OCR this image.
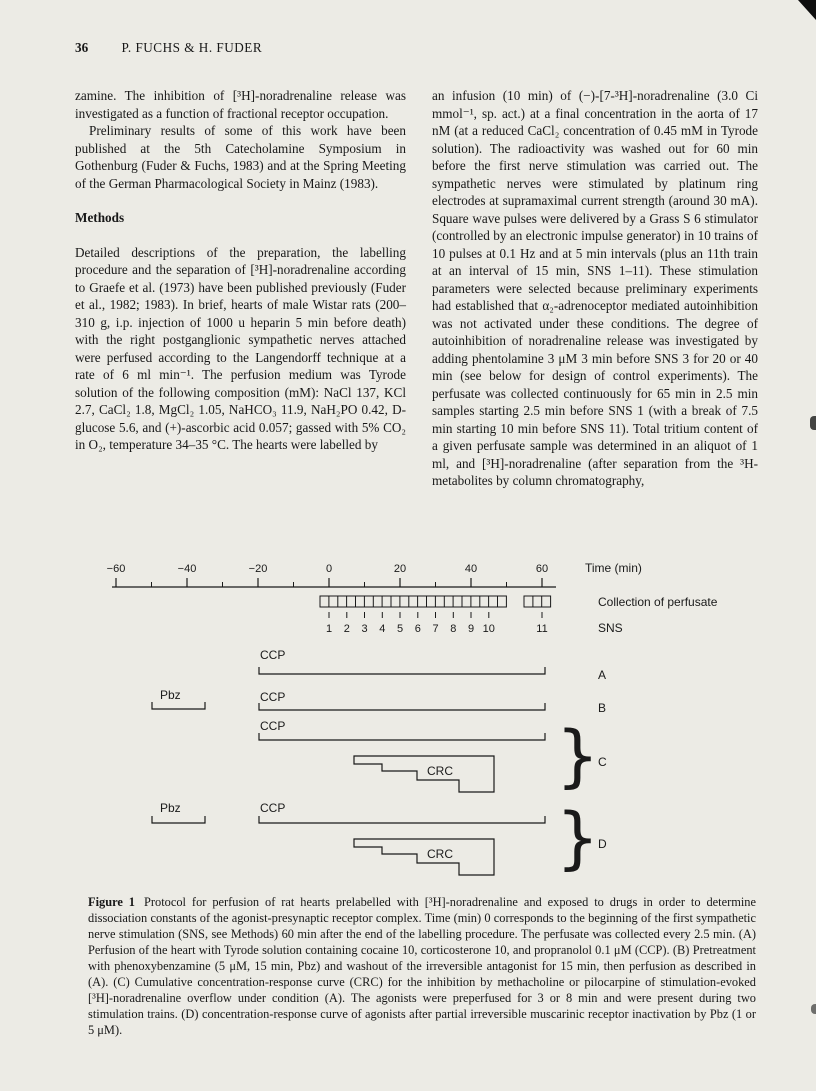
36	P. FUCHS & H. FUDER

zamine. The inhibition of [³H]-noradrenaline release was investigated as a function of fractional receptor occupation.

Preliminary results of some of this work have been published at the 5th Catecholamine Symposium in Gothenburg (Fuder & Fuchs, 1983) and at the Spring Meeting of the German Pharmacological Society in Mainz (1983).

Methods

Detailed descriptions of the preparation, the labelling procedure and the separation of [³H]-noradrenaline according to Graefe et al. (1973) have been published previously (Fuder et al., 1982; 1983). In brief, hearts of male Wistar rats (200–310 g, i.p. injection of 1000 u heparin 5 min before death) with the right postganglionic sympathetic nerves attached were perfused according to the Langendorff technique at a rate of 6 ml min⁻¹. The perfusion medium was Tyrode solution of the following composition (mM): NaCl 137, KCl 2.7, CaCl₂ 1.8, MgCl₂ 1.05, NaHCO₃ 11.9, NaH₂PO 0.42, D-glucose 5.6, and (+)-ascorbic acid 0.057; gassed with 5% CO₂ in O₂, temperature 34–35 °C. The hearts were labelled by

an infusion (10 min) of (−)-[7-³H]-noradrenaline (3.0 Ci mmol⁻¹, sp. act.) at a final concentration in the aorta of 17 nM (at a reduced CaCl₂ concentration of 0.45 mM in Tyrode solution). The radioactivity was washed out for 60 min before the first nerve stimulation was carried out. The sympathetic nerves were stimulated by platinum ring electrodes at supramaximal current strength (around 30 mA). Square wave pulses were delivered by a Grass S 6 stimulator (controlled by an electronic impulse generator) in 10 trains of 10 pulses at 0.1 Hz and at 5 min intervals (plus an 11th train at an interval of 15 min, SNS 1–11). These stimulation parameters were selected because preliminary experiments had established that α₂-adrenoceptor mediated autoinhibition was not activated under these conditions. The degree of autoinhibition of noradrenaline release was investigated by adding phentolamine 3 μM 3 min before SNS 3 for 20 or 40 min (see below for design of control experiments). The perfusate was collected continuously for 65 min in 2.5 min samples starting 2.5 min before SNS 1 (with a break of 7.5 min starting 10 min before SNS 11). Total tritium content of a given perfusate sample was determined in an aliquot of 1 ml, and [³H]-noradrenaline (after separation from the ³H-metabolites by column chromatography,

−60	−40	−20	0	20	40	60	Time (min)
Collection of perfusate
1 2 3 4 5 6 7 8 9 10	11	SNS
CCP
A
Pbz	CCP
B
CCP
CRC }
C
Pbz	CCP
CRC }
D

Figure 1 Protocol for perfusion of rat hearts prelabelled with [³H]-noradrenaline and exposed to drugs in order to determine dissociation constants of the agonist-presynaptic receptor complex. Time (min) 0 corresponds to the beginning of the first sympathetic nerve stimulation (SNS, see Methods) 60 min after the end of the labelling procedure. The perfusate was collected every 2.5 min. (A) Perfusion of the heart with Tyrode solution containing cocaine 10, corticosterone 10, and propranolol 0.1 μM (CCP). (B) Pretreatment with phenoxybenzamine (5 μM, 15 min, Pbz) and washout of the irreversible antagonist for 15 min, then perfusion as described in (A). (C) Cumulative concentration-response curve (CRC) for the inhibition by methacholine or pilocarpine of stimulation-evoked [³H]-noradrenaline overflow under condition (A). The agonists were preperfused for 3 or 8 min and were present during two stimulation trains. (D) concentration-response curve of agonists after partial irreversible muscarinic receptor inactivation by Pbz (1 or 5 μM).
